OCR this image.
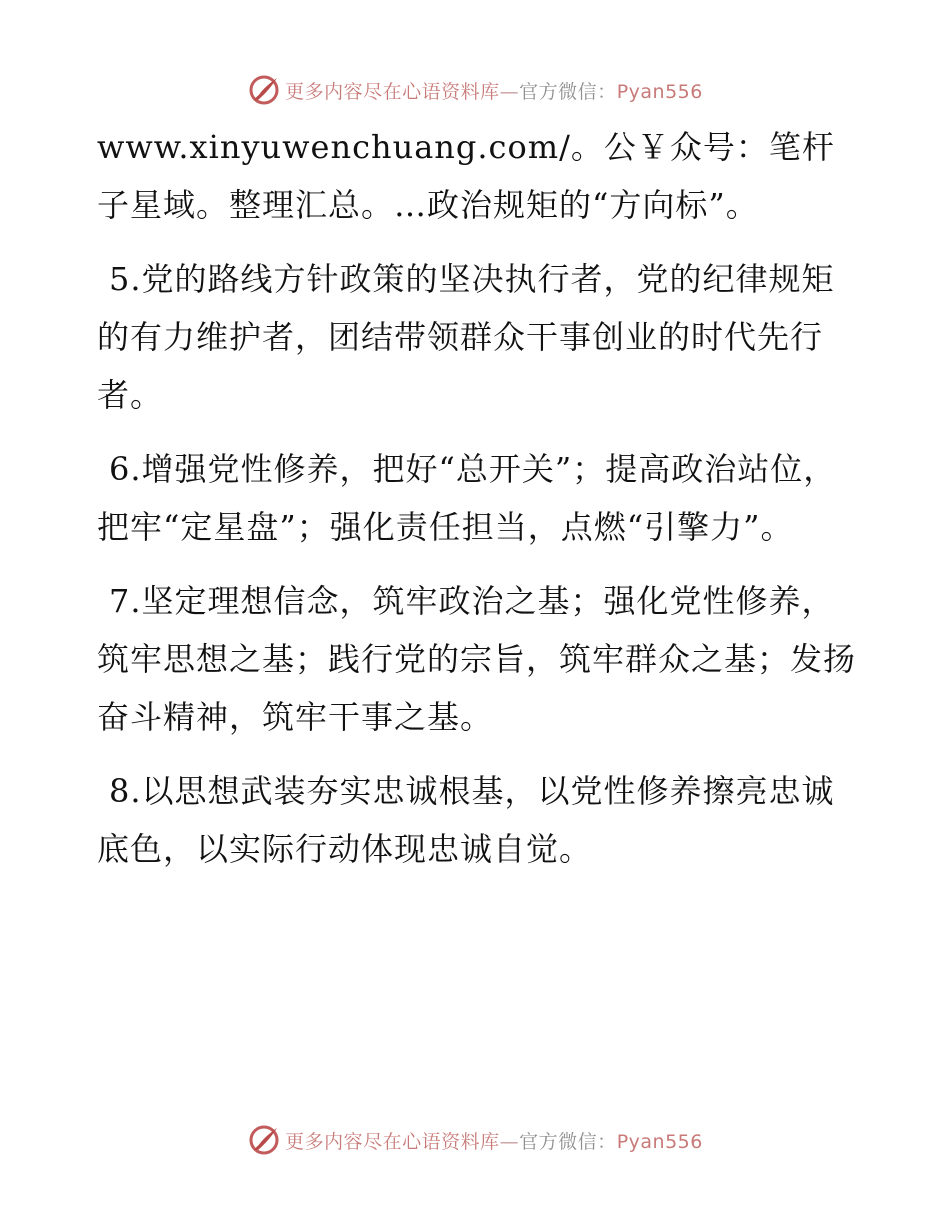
更多内容尽在心语资料库—官方微信：Pyan556

www.xinyuwenchuang.com/。公￥众号：笔杆子星域。整理汇总。…政治规矩的“方向标”。

5.党的路线方针政策的坚决执行者，党的纪律规矩的有力维护者，团结带领群众干事创业的时代先行者。

6.增强党性修养，把好“总开关”；提高政治站位，把牢“定星盘”；强化责任担当，点燃“引擎力”。

7.坚定理想信念，筑牢政治之基；强化党性修养，筑牢思想之基；践行党的宗旨，筑牢群众之基；发扬奋斗精神，筑牢干事之基。

8.以思想武装夯实忠诚根基，以党性修养擦亮忠诚底色，以实际行动体现忠诚自觉。

更多内容尽在心语资料库—官方微信：Pyan556
